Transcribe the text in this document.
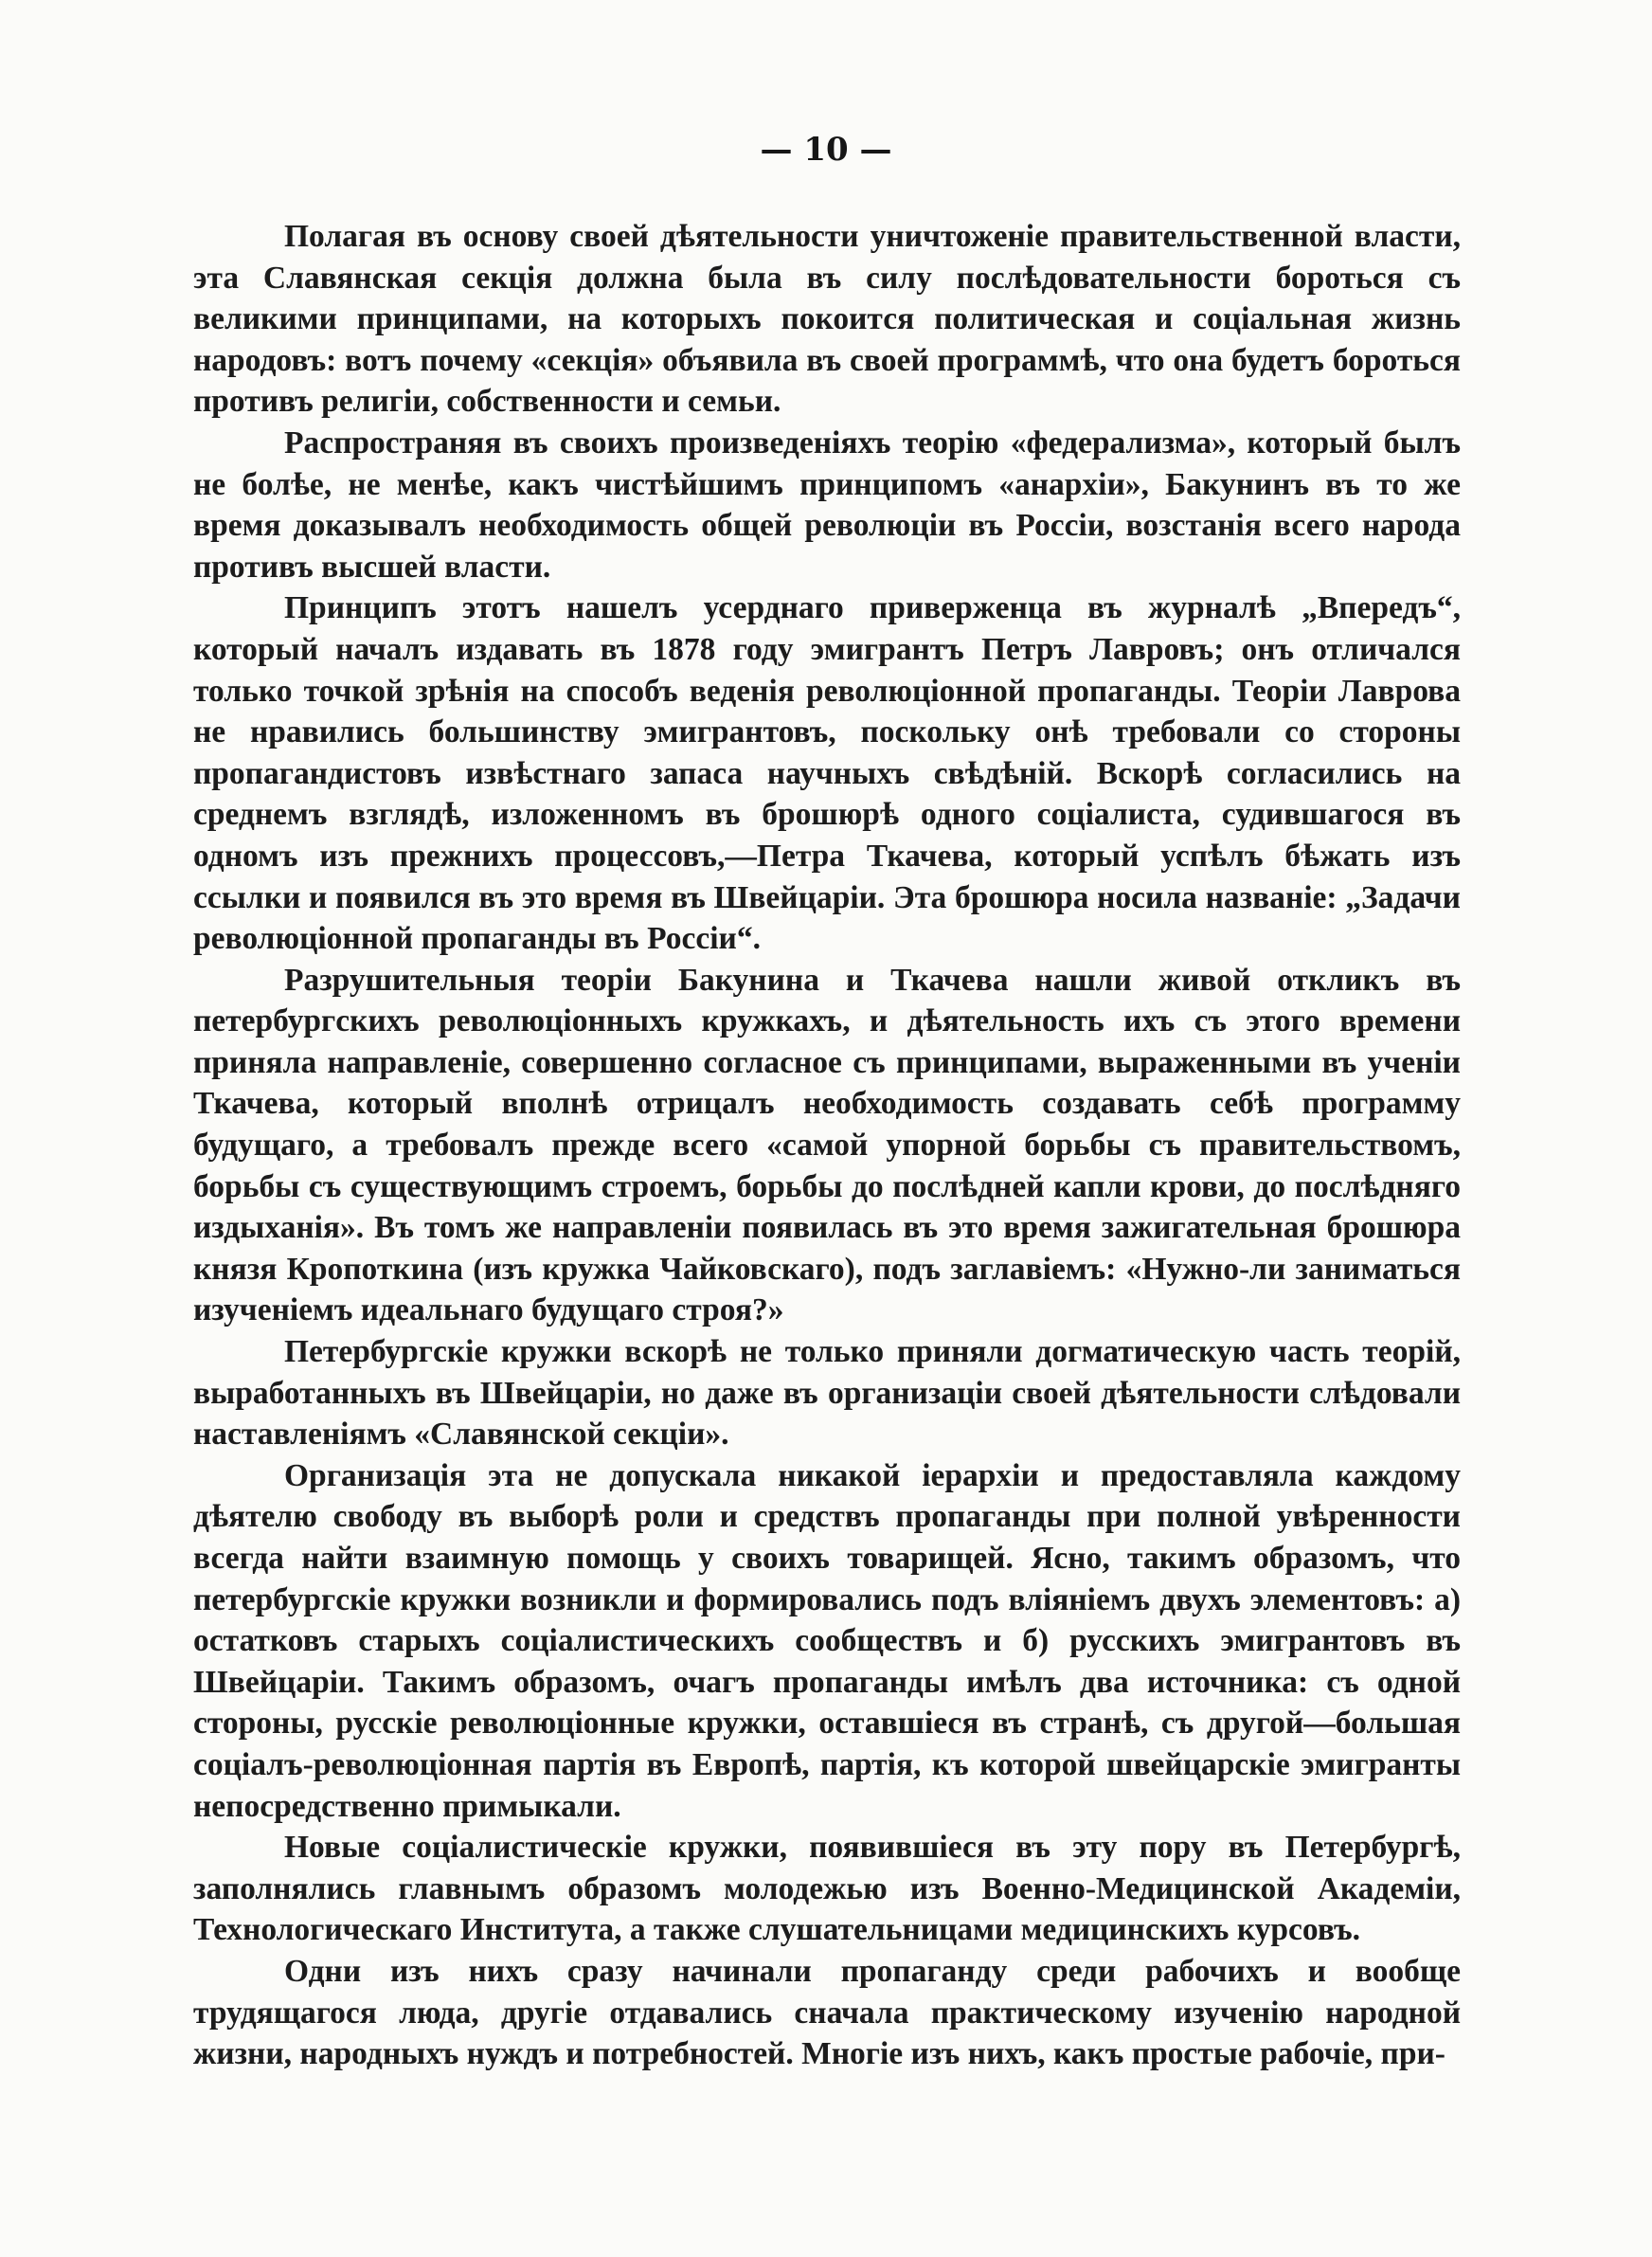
— 10 —

Полагая въ основу своей дѣятельности уничтоженіе правительственной власти, эта Славянская секція должна была въ силу послѣдовательности бороться съ великими принципами, на которыхъ покоится политическая и соціальная жизнь народовъ: вотъ почему «секція» объявила въ своей программѣ, что она будетъ бороться противъ религіи, собственности и семьи.

Распространяя въ своихъ произведеніяхъ теорію «федерализма», который былъ не болѣе, не менѣе, какъ чистѣйшимъ принципомъ «анархіи», Бакунинъ въ то же время доказывалъ необходимость общей революціи въ Россіи, возстанія всего народа противъ высшей власти.

Принципъ этотъ нашелъ усерднаго приверженца въ журналѣ „Впередъ“, который началъ издавать въ 1878 году эмигрантъ Петръ Лавровъ; онъ отличался только точкой зрѣнія на способъ веденія революціонной пропаганды. Теоріи Лаврова не нравились большинству эмигрантовъ, поскольку онѣ требовали со стороны пропагандистовъ извѣстнаго запаса научныхъ свѣдѣній. Вскорѣ согласились на среднемъ взглядѣ, изложенномъ въ брошюрѣ одного соціалиста, судившагося въ одномъ изъ прежнихъ процессовъ,—Петра Ткачева, который успѣлъ бѣжать изъ ссылки и появился въ это время въ Швейцаріи. Эта брошюра носила названіе: „Задачи революціонной пропаганды въ Россіи“.

Разрушительныя теоріи Бакунина и Ткачева нашли живой откликъ въ петербургскихъ революціонныхъ кружкахъ, и дѣятельность ихъ съ этого времени приняла направленіе, совершенно согласное съ принципами, выраженными въ ученіи Ткачева, который вполнѣ отрицалъ необходимость создавать себѣ программу будущаго, а требовалъ прежде всего «самой упорной борьбы съ правительствомъ, борьбы съ существующимъ строемъ, борьбы до послѣдней капли крови, до послѣдняго издыханія». Въ томъ же направленіи появилась въ это время зажигательная брошюра князя Кропоткина (изъ кружка Чайковскаго), подъ заглавіемъ: «Нужно-ли заниматься изученіемъ идеальнаго будущаго строя?»

Петербургскіе кружки вскорѣ не только приняли догматическую часть теорій, выработанныхъ въ Швейцаріи, но даже въ организаціи своей дѣятельности слѣдовали наставленіямъ «Славянской секціи».

Организація эта не допускала никакой іерархіи и предоставляла каждому дѣятелю свободу въ выборѣ роли и средствъ пропаганды при полной увѣренности всегда найти взаимную помощь у своихъ товарищей. Ясно, такимъ образомъ, что петербургскіе кружки возникли и формировались подъ вліяніемъ двухъ элементовъ: а) остатковъ старыхъ соціалистическихъ сообществъ и б) русскихъ эмигрантовъ въ Швейцаріи. Такимъ образомъ, очагъ пропаганды имѣлъ два источника: съ одной стороны, русскіе революціонные кружки, оставшіеся въ странѣ, съ другой—большая соціалъ-революціонная партія въ Европѣ, партія, къ которой швейцарскіе эмигранты непосредственно примыкали.

Новые соціалистическіе кружки, появившіеся въ эту пору въ Петербургѣ, заполнялись главнымъ образомъ молодежью изъ Военно-Медицинской Академіи, Технологическаго Института, а также слушательницами медицинскихъ курсовъ.

Одни изъ нихъ сразу начинали пропаганду среди рабочихъ и вообще трудящагося люда, другіе отдавались сначала практическому изученію народной жизни, народныхъ нуждъ и потребностей. Многіе изъ нихъ, какъ простые рабочіе, при-
